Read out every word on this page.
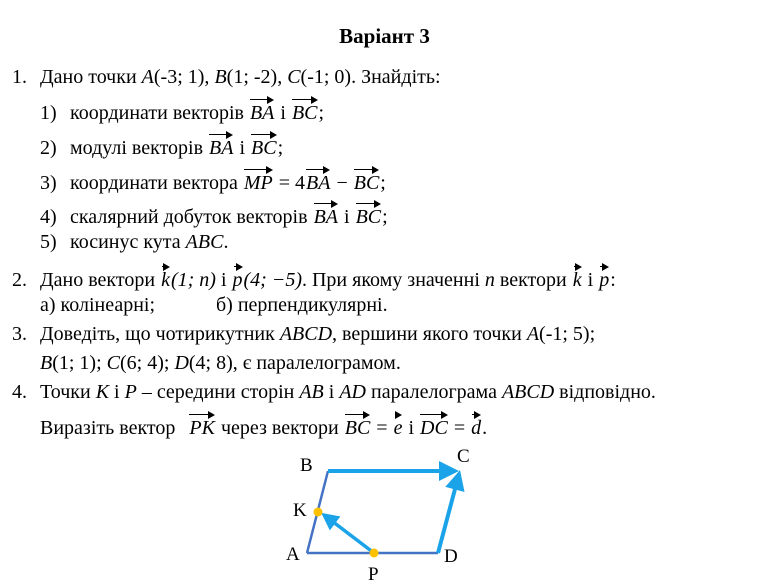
Варіант 3
1. Дано точки A(-3; 1), B(1; -2), C(-1; 0). Знайдіть:
1) координати векторів BA і BC;
2) модулі векторів BA і BC;
3) координати вектора MP = 4BA − BC;
4) скалярний добуток векторів BA і BC;
5) косинус кута ABC.
2. Дано вектори k(1; n) і p(4; −5). При якому значенні n вектори k і p:
а) колінеарні;	б) перпендикулярні.
3. Доведіть, що чотирикутник ABCD, вершини якого точки A(-1; 5);
B(1; 1); C(6; 4); D(4; 8), є паралелограмом.
4. Точки K і P – середини сторін AB і AD паралелограма ABCD відповідно.
Виразіть вектор PK через вектори BC = e і DC = d.
B	C
K
A	D
P
